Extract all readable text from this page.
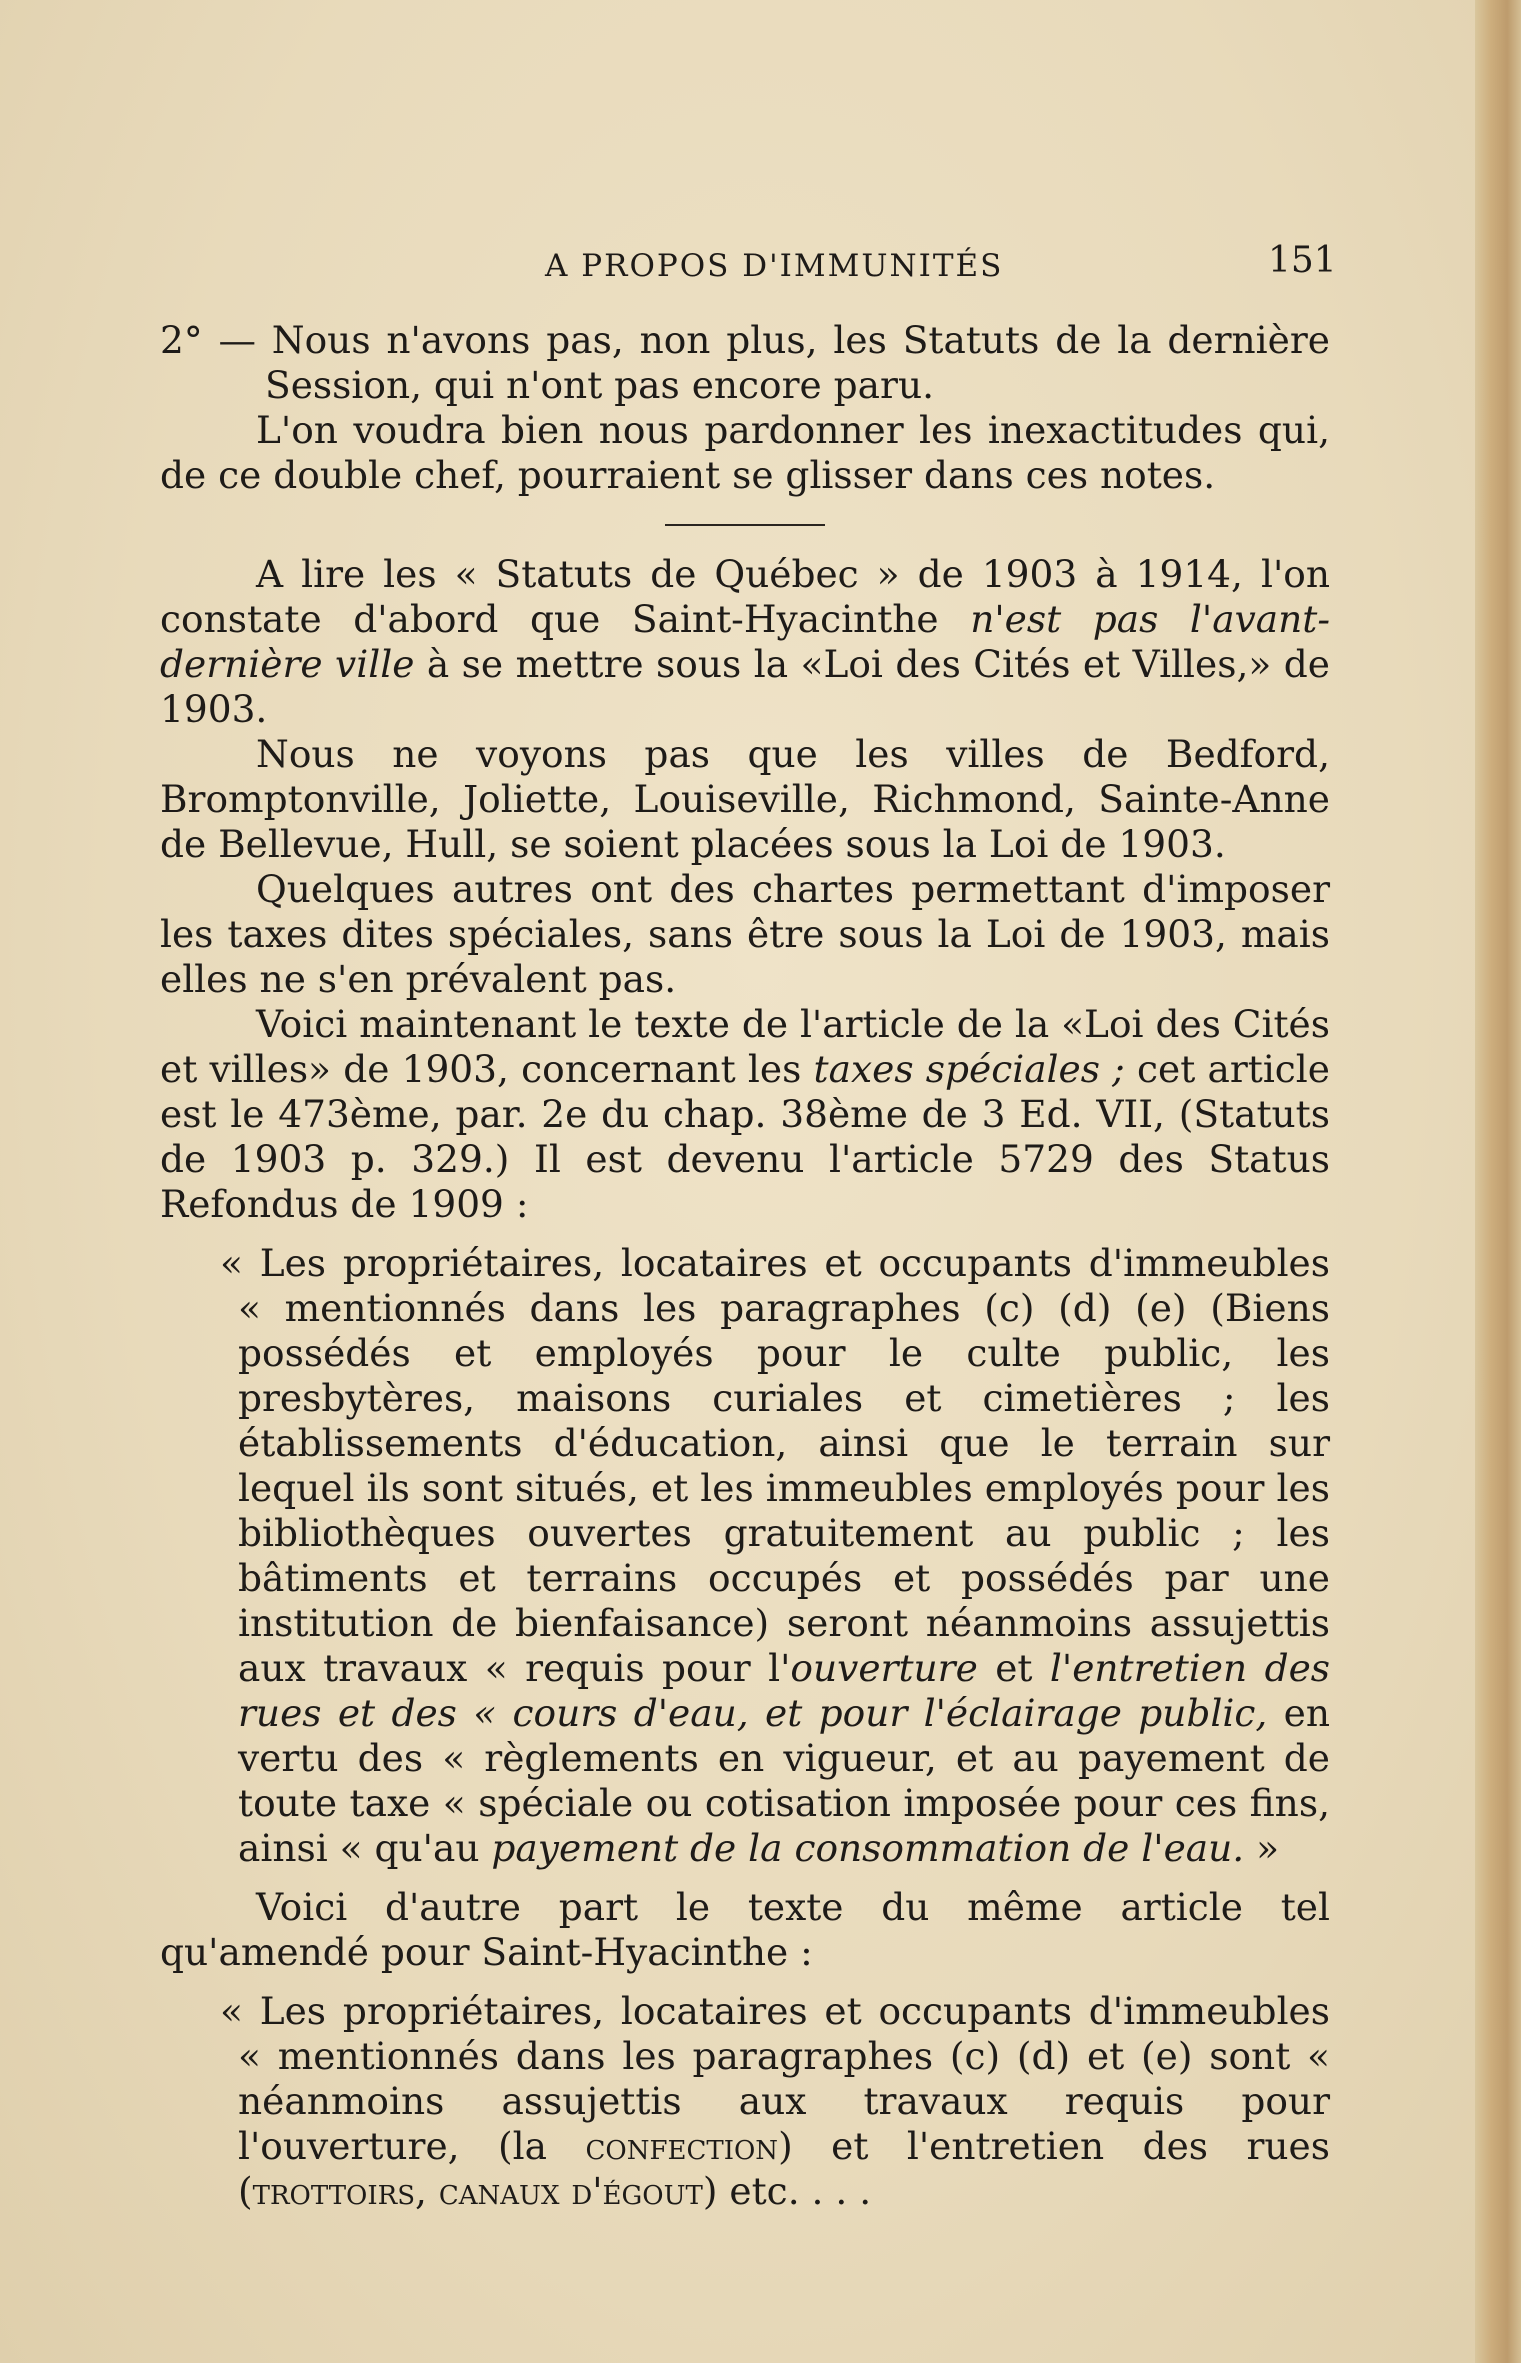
A PROPOS D'IMMUNITÉS	151

2° — Nous n'avons pas, non plus, les Statuts de la dernière Session, qui n'ont pas encore paru.

L'on voudra bien nous pardonner les inexactitudes qui, de ce double chef, pourraient se glisser dans ces notes.

A lire les « Statuts de Québec » de 1903 à 1914, l'on constate d'abord que Saint-Hyacinthe n'est pas l'avant-dernière ville à se mettre sous la «Loi des Cités et Villes,» de 1903.

Nous ne voyons pas que les villes de Bedford, Bromptonville, Joliette, Louiseville, Richmond, Sainte-Anne de Bellevue, Hull, se soient placées sous la Loi de 1903.

Quelques autres ont des chartes permettant d'imposer les taxes dites spéciales, sans être sous la Loi de 1903, mais elles ne s'en prévalent pas.

Voici maintenant le texte de l'article de la «Loi des Cités et villes» de 1903, concernant les taxes spéciales ; cet article est le 473ème, par. 2e du chap. 38ème de 3 Ed. VII, (Statuts de 1903 p. 329.) Il est devenu l'article 5729 des Status Refondus de 1909 :

« Les propriétaires, locataires et occupants d'immeubles « mentionnés dans les paragraphes (c) (d) (e) (Biens possédés et employés pour le culte public, les presbytères, maisons curiales et cimetières ; les établissements d'éducation, ainsi que le terrain sur lequel ils sont situés, et les immeubles employés pour les bibliothèques ouvertes gratuitement au public ; les bâtiments et terrains occupés et possédés par une institution de bienfaisance) seront néanmoins assujettis aux travaux « requis pour l'ouverture et l'entretien des rues et des « cours d'eau, et pour l'éclairage public, en vertu des « règlements en vigueur, et au payement de toute taxe « spéciale ou cotisation imposée pour ces fins, ainsi « qu'au payement de la consommation de l'eau. »

Voici d'autre part le texte du même article tel qu'amendé pour Saint-Hyacinthe :

« Les propriétaires, locataires et occupants d'immeubles « mentionnés dans les paragraphes (c) (d) et (e) sont « néanmoins assujettis aux travaux requis pour l'ouverture, (la confection) et l'entretien des rues (trottoirs, canaux d'égout) etc. . . .
